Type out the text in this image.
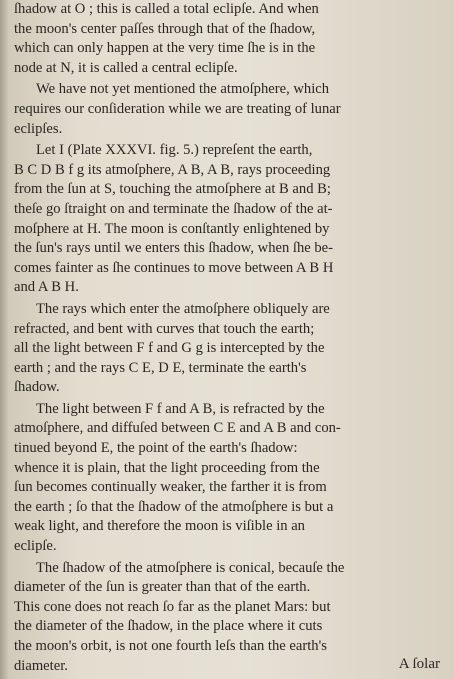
ſhadow at O ; this is called a total eclipſe. And when
the moon's center paſſes through that of the ſhadow,
which can only happen at the very time ſhe is in the
node at N, it is called a central eclipſe.
We have not yet mentioned the atmoſphere, which
requires our conſideration while we are treating of lunar
eclipſes.
Let I (Plate XXXVI. fig. 5.) repreſent the earth,
B C D B f g its atmoſphere, A B, A B, rays proceeding
from the ſun at S, touching the atmoſphere at B and B;
theſe go ſtraight on and terminate the ſhadow of the at-
moſphere at H. The moon is conſtantly enlightened by
the ſun's rays until we enters this ſhadow, when ſhe be-
comes fainter as ſhe continues to move between A B H
and A B H.
The rays which enter the atmoſphere obliquely are
refracted, and bent with curves that touch the earth;
all the light between F f and G g is intercepted by the
earth ; and the rays C E, D E, terminate the earth's
ſhadow.
The light between F f and A B, is refracted by the
atmoſphere, and diffuſed between C E and A B and con-
tinued beyond E, the point of the earth's ſhadow:
whence it is plain, that the light proceeding from the
ſun becomes continually weaker, the farther it is from
the earth ; ſo that the ſhadow of the atmoſphere is but a
weak light, and therefore the moon is viſible in an
eclipſe.
The ſhadow of the atmoſphere is conical, becauſe the
diameter of the ſun is greater than that of the earth.
This cone does not reach ſo far as the planet Mars: but
the diameter of the ſhadow, in the place where it cuts
the moon's orbit, is not one fourth leſs than the earth's
diameter.	A ſolar
